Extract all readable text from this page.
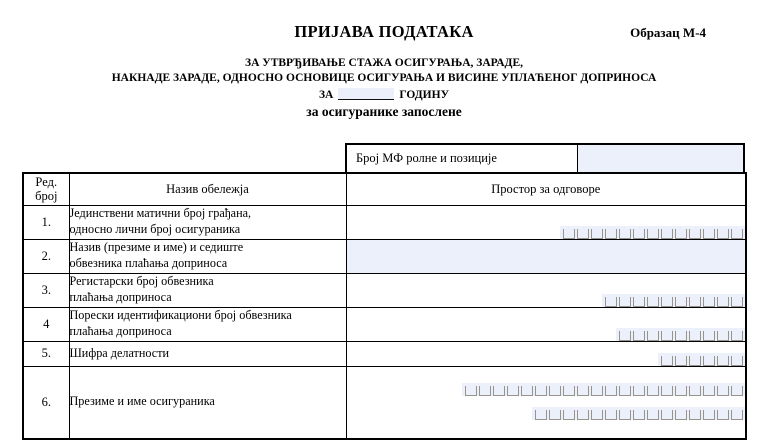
ПРИЈАВА ПОДАТАКА	Образац М-4
ЗА УТВРЂИВАЊЕ СТАЖА ОСИГУРАЊА, ЗАРАДЕ,
НАКНАДЕ ЗАРАДЕ, ОДНОСНО ОСНОВИЦЕ ОСИГУРАЊА И ВИСИНЕ УПЛАЋЕНОГ ДОПРИНОСА
ЗА	ГОДИНУ
за осигуранике запослене
Број МФ ролне и позиције
Ред.
број	Назив обележја	Простор за одговоре
1.	Јединствени матични број грађана,
односно лични број осигураника	

2.	Назив (презиме и име) и седиште
обвезника плаћања доприноса	

3.	Регистарски број обвезника
плаћања доприноса	

4	Порески идентификациони број обвезника
плаћања доприноса	

5.	Шифра делатности	

6.	Презиме и име осигураника	
